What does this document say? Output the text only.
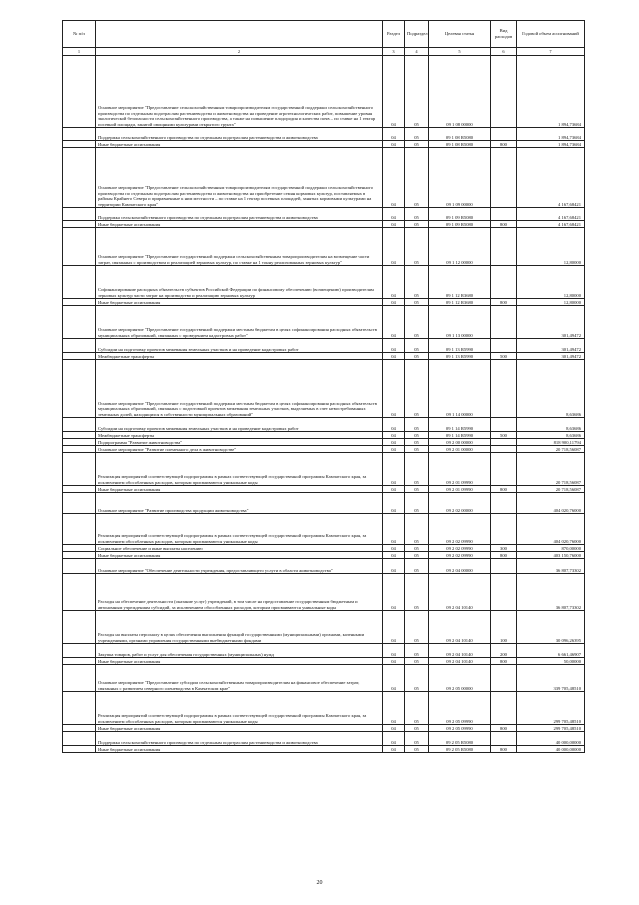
№ п/п		Раздел	Подраздел	Целевая статья	Вид расходов	Годовой объем ассигнований
1	2	3	4	5	6	7
	Основное мероприятие "Предоставление сельскохозяйственным товаропроизводителям государственной поддержки сельскохозяйственного производства по отдельным подотраслям растениеводства и животноводства на проведение агротехнологических работ, повышение уровня экологической безопасности сельскохозяйственного производства, а также на повышение плодородия и качества почв – по ставке на 1 гектар посевной площади, занятой овощными культурами открытого грунта"	04	05	09 1 08 00000		1 894,73684
	Поддержка сельскохозяйственного производства по отдельным подотраслям растениеводства и животноводства	04	05	09 1 08 R5080		1 894,73684
	Иные бюджетные ассигнования	04	05	09 1 08 R5080	800	1 894,73684
	Основное мероприятие "Предоставление сельскохозяйственным товаропроизводителям государственной поддержки сельскохозяйственного производства по отдельным подотраслям растениеводства и животноводства на приобретение семян кормовых культур, поставляемых в районы Крайнего Севера и приравненные к ним местности – по ставке на 1 гектар посевных площадей, занятых кормовыми культурами на территории Камчатского края"	04	05	09 1 09 00000		4 167,68421
	Поддержка сельскохозяйственного производства по отдельным подотраслям растениеводства и животноводства	04	05	09 1 09 R5080		4 167,68421
	Иные бюджетные ассигнования	04	05	09 1 09 R5080	800	4 167,68421
	Основное мероприятие "Предоставление государственной поддержки сельскохозяйственным товаропроизводителям на возмещение части затрат, связанных с производством и реализацией зерновых культур, по ставке на 1 тонну реализованных зерновых культур"	04	05	09 1 12 00000		12,80000
	Софинансирование расходных обязательств субъектов Российской Федерации по финансовому обеспечению (возмещению) производителям зерновых культур части затрат на производство и реализацию зерновых культур	04	05	09 1 12 R3680		12,80000
	Иные бюджетные ассигнования	04	05	09 1 12 R3680	800	12,80000
	Основное мероприятие "Предоставление государственной поддержки местным бюджетам в целях софинансирования расходных обязательств муниципальных образований, связанных с проведением кадастровых работ"	04	05	09 1 13 00000		301,49472
	Субсидии на подготовку проектов межевания земельных участков и на проведение кадастровых работ	04	05	09 1 13 R5990		301,49472
	Межбюджетные трансферты	04	05	09 1 13 R5990	500	301,49472
	Основное мероприятие "Предоставление государственной поддержки местным бюджетам в целях софинансирования расходных обязательств муниципальных образований, связанных с подготовкой проектов межевания земельных участков, выделяемых в счет невостребованных земельных долей, находящихся в собственности муниципальных образований"	04	05	09 1 14 00000		8,63686
	Субсидии на подготовку проектов межевания земельных участков и на проведение кадастровых работ	04	05	09 1 14 R5990		8,63686
	Межбюджетные трансферты	04	05	09 1 14 R5990	500	8,63686
	Подпрограмма "Развитие животноводства"	04	05	09 2 00 00000		818 900,11794
	Основное мероприятие "Развитие племенного дела в животноводстве"	04	05	09 2 01 00000		20 718,56087
	Реализация мероприятий соответствующей подпрограммы в рамках соответствующей государственной программы Камчатского края, за исключением обособленных расходов, которым присваиваются уникальные коды	04	05	09 2 01 09990		20 718,56087
	Иные бюджетные ассигнования	04	05	09 2 01 09990	800	20 718,56087
	Основное мероприятие "Развитие производства продукции животноводства"	04	05	09 2 02 00000		404 020,76000
	Реализация мероприятий соответствующей подпрограммы в рамках соответствующей государственной программы Камчатского края, за исключением обособленных расходов, которым присваиваются уникальные коды	04	05	09 2 02 09990		404 020,76000
	Социальное обеспечение и иные выплаты населению	04	05	09 2 02 09990	300	870,00000
	Иные бюджетные ассигнования	04	05	09 2 02 09990	800	403 150,76000
	Основное мероприятие "Обеспечение деятельности учреждения, предоставляющего услуги в области животноводства"	04	05	09 2 04 00000		36 807,73302
	Расходы на обеспечение деятельности (оказание услуг) учреждений, в том числе на предоставление государственным бюджетным и автономным учреждениям субсидий, за исключением обособленных расходов, которым присваиваются уникальные коды	04	05	09 2 04 10140		36 807,73302
	Расходы на выплаты персоналу в целях обеспечения выполнения функций государственными (муниципальными) органами, казенными учреждениями, органами управления государственными внебюджетными фондами	04	05	09 2 04 10140	100	30 096,26395
	Закупка товаров, работ и услуг для обеспечения государственных (муниципальных) нужд	04	05	09 2 04 10140	200	6 661,46907
	Иные бюджетные ассигнования	04	05	09 2 04 10140	800	50,00000
	Основное мероприятие "Предоставление субсидии сельскохозяйственным товаропроизводителям на финансовое обеспечение затрат, связанных с развитием северного оленеводства в Камчатском крае"	04	05	09 2 05 00000		339 705,48510
	Реализация мероприятий соответствующей подпрограммы в рамках соответствующей государственной программы Камчатского края, за исключением обособленных расходов, которым присваиваются уникальные коды	04	05	09 2 05 09990		299 705,48510
	Иные бюджетные ассигнования	04	05	09 2 05 09990	800	299 705,48510
	Поддержка сельскохозяйственного производства по отдельным подотраслям растениеводства и животноводства	04	05	09 2 05 R5080		40 000,00000
	Иные бюджетные ассигнования	04	05	09 2 05 R5080	800	40 000,00000
20
